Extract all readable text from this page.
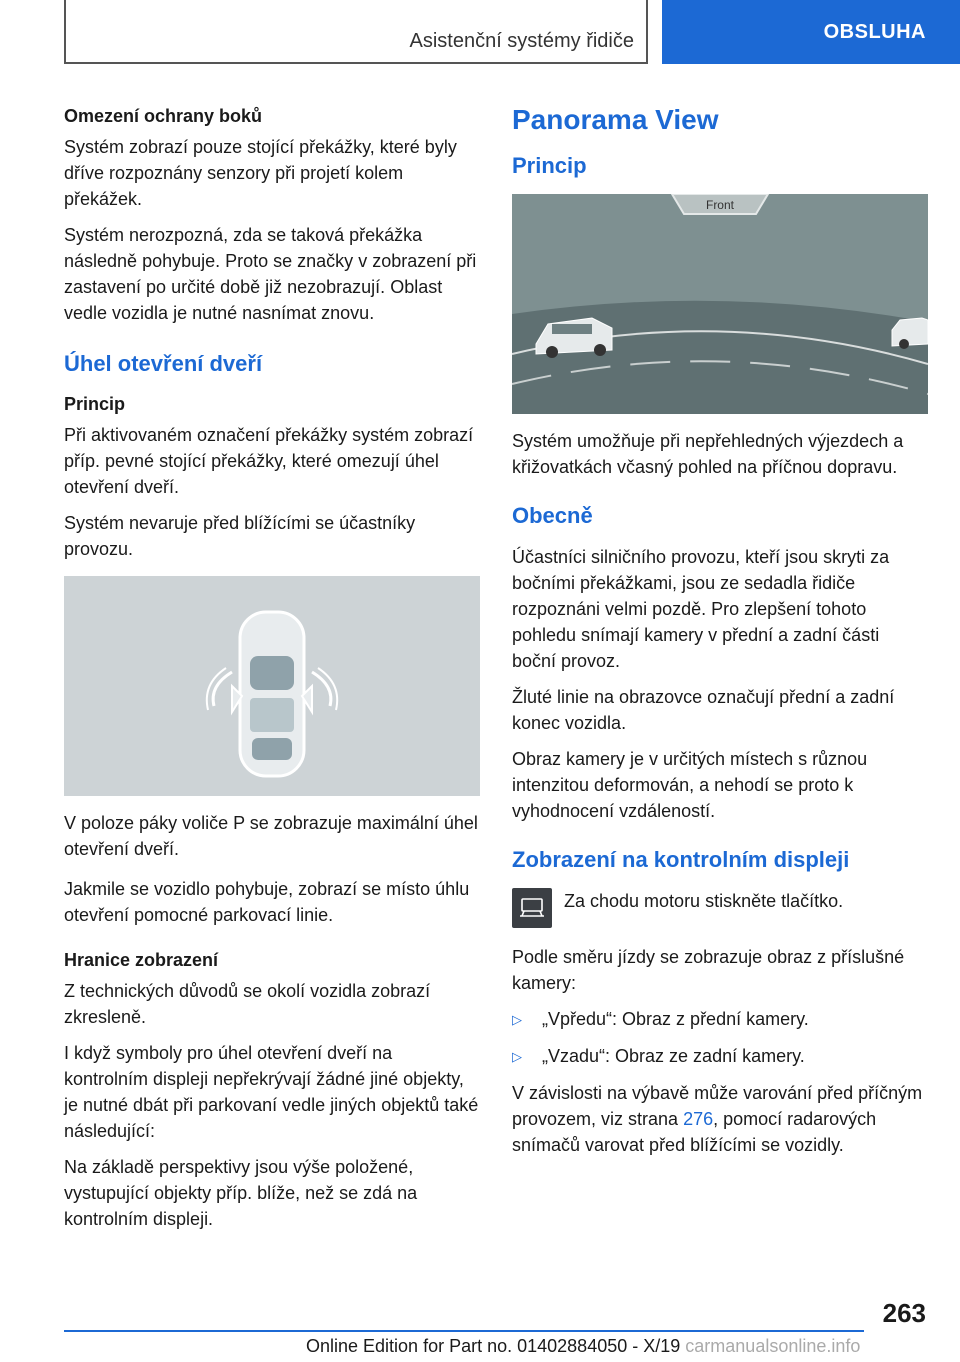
Asistenční systémy řidiče	OBSLUHA
Omezení ochrany boků

Systém zobrazí pouze stojící překážky, které byly dříve rozpoznány senzory při projetí kolem překážek.

Systém nerozpozná, zda se taková překážka následně pohybuje. Proto se značky v zobrazení při zastavení po určité době již nezobrazují. Oblast vedle vozidla je nutné nasnímat znovu.

Úhel otevření dveří
Princip

Při aktivovaném označení překážky systém zobrazí příp. pevné stojící překážky, které omezují úhel otevření dveří.

Systém nevaruje před blížícími se účastníky provozu.

V poloze páky voliče P se zobrazuje maximální úhel otevření dveří.

Jakmile se vozidlo pohybuje, zobrazí se místo úhlu otevření pomocné parkovací linie.

Hranice zobrazení

Z technických důvodů se okolí vozidla zobrazí zkresleně.

I když symboly pro úhel otevření dveří na kontrolním displeji nepřekrývají žádné jiné objekty, je nutné dbát při parkovaní vedle jiných objektů také následující:

Na základě perspektivy jsou výše položené, vystupující objekty příp. blíže, než se zdá na kontrolním displeji.

Panorama View
Princip
Front

Systém umožňuje při nepřehledných výjezdech a křižovatkách včasný pohled na příčnou dopravu.

Obecně

Účastníci silničního provozu, kteří jsou skryti za bočními překážkami, jsou ze sedadla řidiče rozpoznáni velmi pozdě. Pro zlepšení tohoto pohledu snímají kamery v přední a zadní části boční provoz.

Žluté linie na obrazovce označují přední a zadní konec vozidla.

Obraz kamery je v určitých místech s různou intenzitou deformován, a nehodí se proto k vyhodnocení vzdáleností.

Zobrazení na kontrolním displeji

Za chodu motoru stiskněte tlačítko.

Podle směru jízdy se zobrazuje obraz z příslušné kamery:

▷	„Vpředu“: Obraz z přední kamery.
▷	„Vzadu“: Obraz ze zadní kamery.

V závislosti na výbavě může varování před příčným provozem, viz strana 276, pomocí radarových snímačů varovat před blížícími se vozidly.

263
Online Edition for Part no. 01402884050 - X/19 carmanualsonline.info
